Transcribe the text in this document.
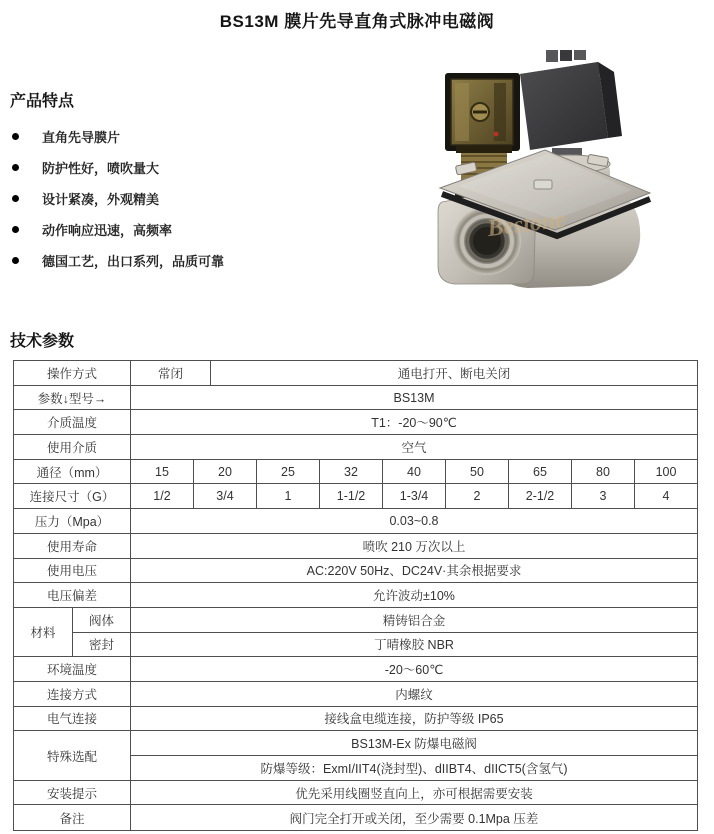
BS13M 膜片先导直角式脉冲电磁阀
产品特点
直角先导膜片
防护性好，喷吹量大
设计紧凑，外观精美
动作响应迅速，高频率
德国工艺，出口系列，品质可靠
Bestone
技术参数
操作方式	常闭	通电打开、断电关闭
参数↓型号→	BS13M
介质温度	T1：-20～90℃
使用介质	空气
通径（mm）	15	20	25	32	40	50	65	80	100
连接尺寸（G）	1/2	3/4	1	1-1/2	1-3/4	2	2-1/2	3	4
压力（Mpa）	0.03~0.8
使用寿命	喷吹 210 万次以上
使用电压	AC:220V 50Hz、DC24V·其余根据要求
电压偏差	允许波动±10%
材料
阀体	精铸铝合金
密封	丁晴橡胶 NBR
环境温度	-20～60℃
连接方式	内螺纹
电气连接	接线盒电缆连接，防护等级 IP65
特殊选配
BS13M-Ex 防爆电磁阀
防爆等级：ExmI/IIT4(浇封型)、dIIBT4、dIICT5(含氢气)
安装提示	优先采用线圈竖直向上，亦可根据需要安装
备注	阀门完全打开或关闭，至少需要 0.1Mpa 压差
